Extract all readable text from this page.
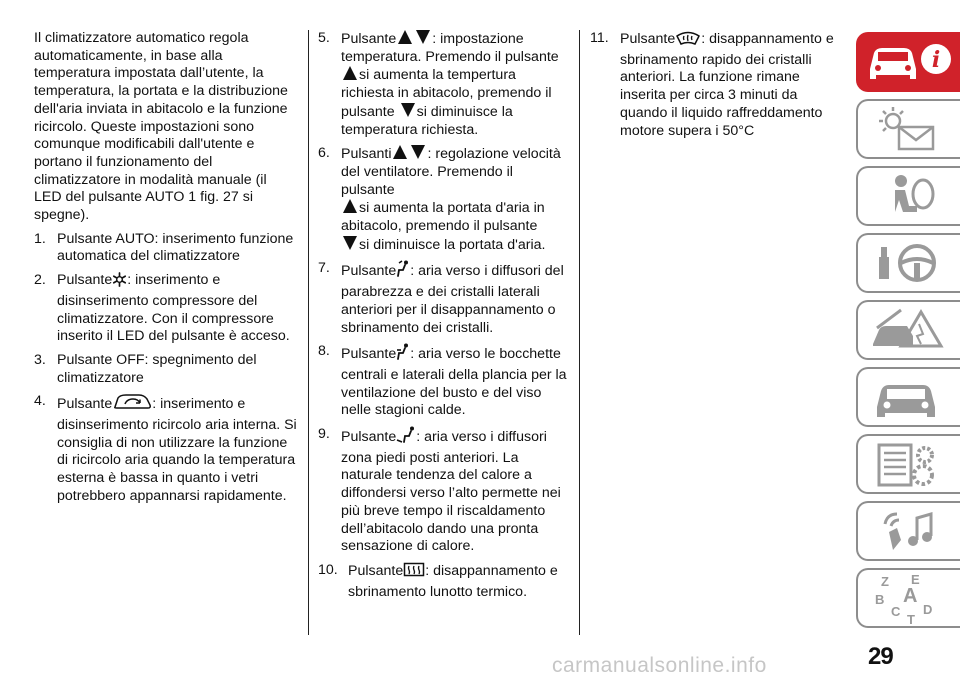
Il climatizzatore automatico regola automaticamente, in base alla temperatura impostata dall’utente, la temperatura, la portata e la distribuzione dell'aria inviata in abitacolo e la funzione ricircolo. Queste impostazioni sono comunque modificabili dall'utente e portano il funzionamento del climatizzatore in modalità manuale (il LED del pulsante AUTO 1 fig. 27 si spegne).

1. Pulsante AUTO: inserimento funzione automatica del climatizzatore
2. Pulsante : inserimento e disinserimento compressore del climatizzatore. Con il compressore inserito il LED del pulsante è acceso.
3. Pulsante OFF: spegnimento del climatizzatore
4. Pulsante	: inserimento e disinserimento ricircolo aria interna. Si consiglia di non utilizzare la funzione di ricircolo aria quando la temperatura esterna è bassa in quanto i vetri potrebbero appannarsi rapidamente.
5. Pulsante	: impostazione temperatura. Premendo il pulsante
si aumenta la tempertura richiesta in abitacolo, premendo il pulsante si diminuisce la temperatura richiesta.
6. Pulsanti	: regolazione velocità del ventilatore. Premendo il pulsante
si aumenta la portata d'aria in abitacolo, premendo il pulsante
si diminuisce la portata d'aria.
7. Pulsante : aria verso i diffusori del parabrezza e dei cristalli laterali anteriori per il disappannamento o sbrinamento dei cristalli.
8. Pulsante : aria verso le bocchette centrali e laterali della plancia per la ventilazione del busto e del viso nelle stagioni calde.
9. Pulsante : aria verso i diffusori zona piedi posti anteriori. La naturale tendenza del calore a diffondersi verso l’alto permette nei più breve tempo il riscaldamento dell’abitacolo dando una pronta sensazione di calore.
10. Pulsante : disappannamento e sbrinamento lunotto termico.
11. Pulsante : disappannamento e sbrinamento rapido dei cristalli anteriori. La funzione rimane inserita per circa 3 minuti da quando il liquido raffreddamento motore supera i 50°C
i
Z E
A
B
C D
T
29
carmanualsonline.info
